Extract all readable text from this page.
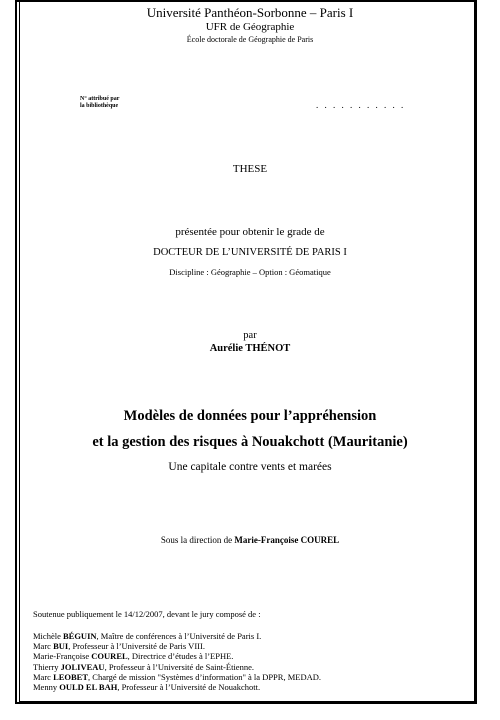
Université Panthéon-Sorbonne – Paris I
UFR de Géographie
École doctorale de Géographie de Paris
N° attribué par
la bibliothèque	. . . . . . . . . . .
THESE
présentée pour obtenir le grade de
DOCTEUR DE L’UNIVERSITÉ DE PARIS I
Discipline : Géographie – Option : Géomatique
par
Aurélie THÉNOT
Modèles de données pour l’appréhension
et la gestion des risques à Nouakchott (Mauritanie)
Une capitale contre vents et marées
Sous la direction de Marie-Françoise COUREL
Soutenue publiquement le 14/12/2007, devant le jury composé de :
Michèle BÉGUIN, Maître de conférences à l’Université de Paris I.
Marc BUI, Professeur à l’Université de Paris VIII.
Marie-Françoise COUREL, Directrice d’études à l’EPHE.
Thierry JOLIVEAU, Professeur à l’Université de Saint-Étienne.
Marc LEOBET, Chargé de mission "Systèmes d’information" à la DPPR, MEDAD.
Menny OULD EL BAH, Professeur à l’Université de Nouakchott.
